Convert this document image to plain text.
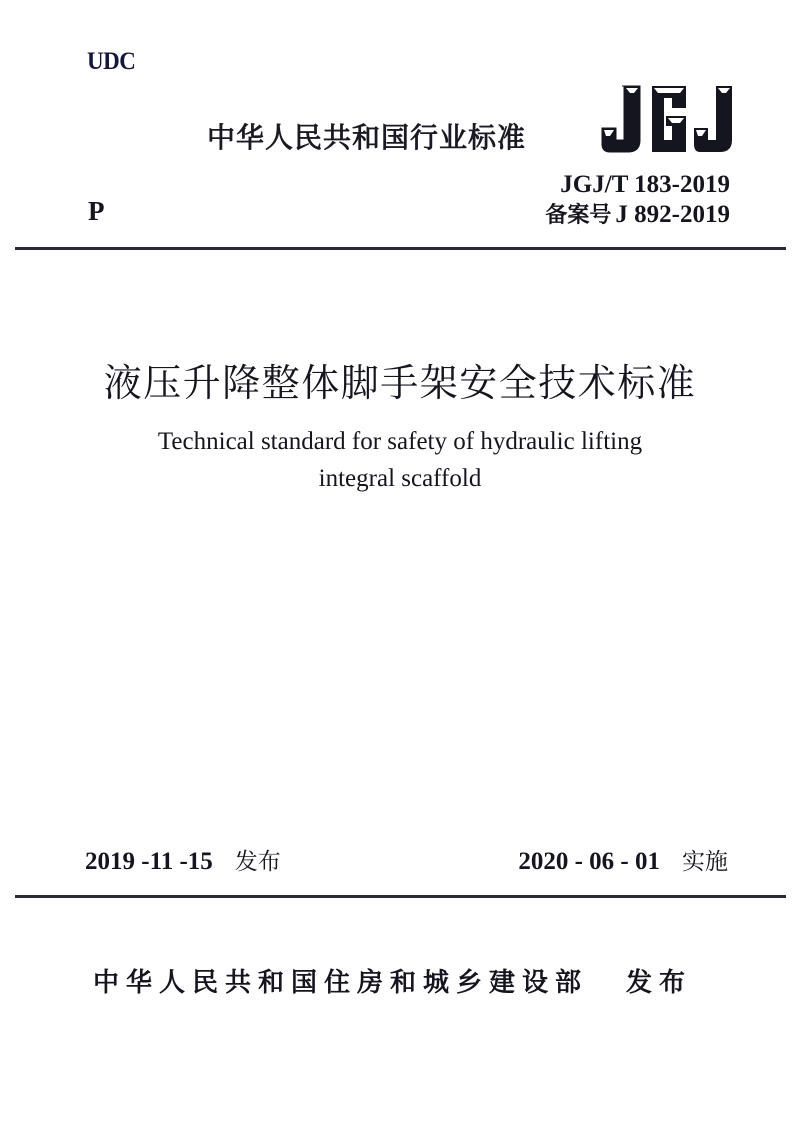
UDC
中华人民共和国行业标准
P
JGJ/T 183-2019
备案号 J 892-2019
液压升降整体脚手架安全技术标准
Technical standard for safety of hydraulic lifting
integral scaffold
2019 -11 -15 发布	2020 - 06 - 01 实施
中华人民共和国住房和城乡建设部 发布
